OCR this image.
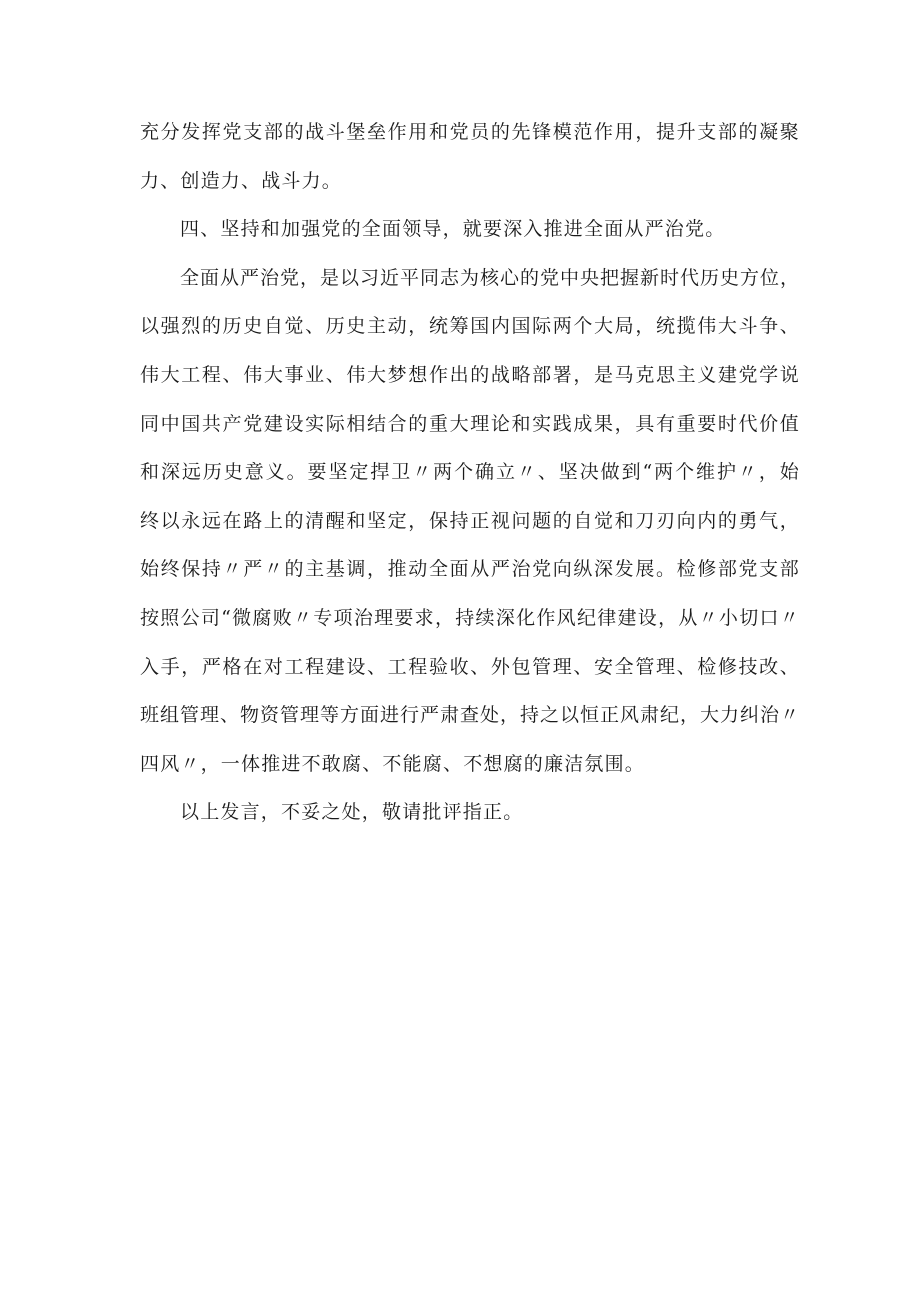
充分发挥党支部的战斗堡垒作用和党员的先锋模范作用，提升支部的凝聚
力、创造力、战斗力。
四、坚持和加强党的全面领导，就要深入推进全面从严治党。
全面从严治党，是以习近平同志为核心的党中央把握新时代历史方位，
以强烈的历史自觉、历史主动，统筹国内国际两个大局，统揽伟大斗争、
伟大工程、伟大事业、伟大梦想作出的战略部署，是马克思主义建党学说
同中国共产党建设实际相结合的重大理论和实践成果，具有重要时代价值
和深远历史意义。要坚定捍卫〃两个确立〃、坚决做到“两个维护〃，始
终以永远在路上的清醒和坚定，保持正视问题的自觉和刀刃向内的勇气，
始终保持〃严〃的主基调，推动全面从严治党向纵深发展。检修部党支部
按照公司“微腐败〃专项治理要求，持续深化作风纪律建设，从〃小切口〃
入手，严格在对工程建设、工程验收、外包管理、安全管理、检修技改、
班组管理、物资管理等方面进行严肃查处，持之以恒正风肃纪，大力纠治〃
四风〃，一体推进不敢腐、不能腐、不想腐的廉洁氛围。
以上发言，不妥之处，敬请批评指正。
